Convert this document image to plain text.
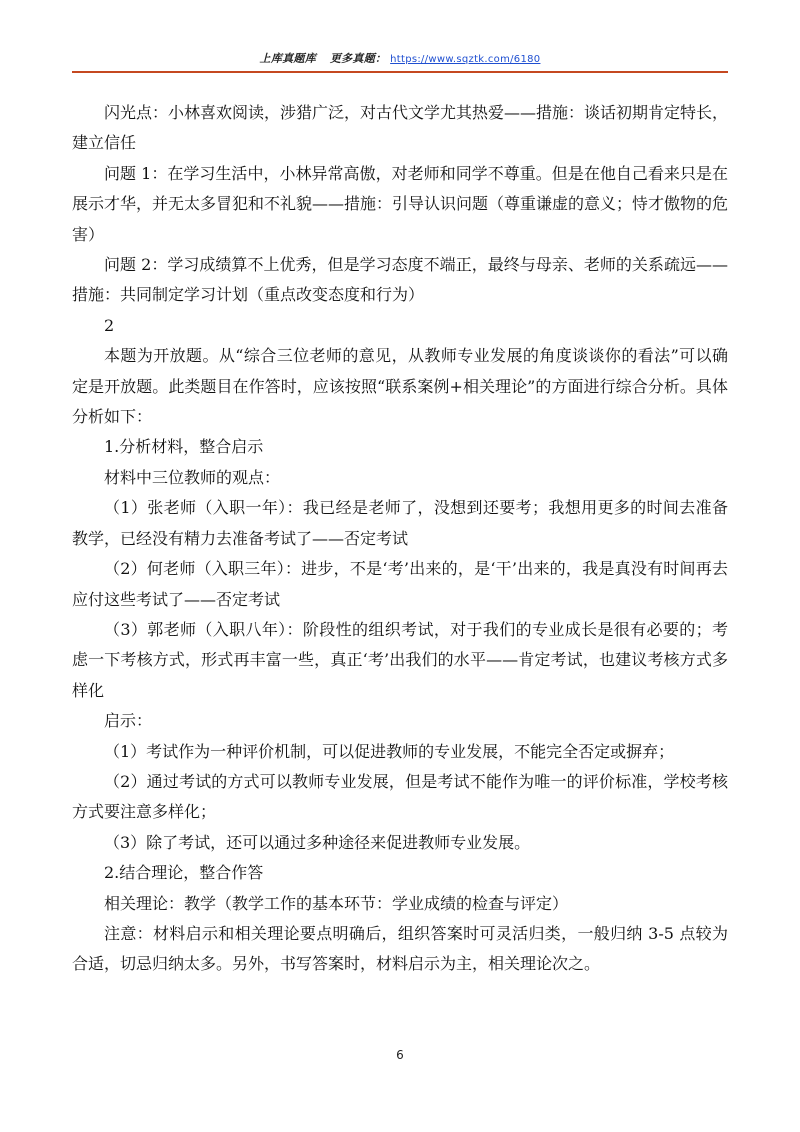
上库真题库 更多真题： https://www.sqztk.com/6180

闪光点：小林喜欢阅读，涉猎广泛，对古代文学尤其热爱——措施：谈话初期肯定特长，建立信任

问题 1：在学习生活中，小林异常高傲，对老师和同学不尊重。但是在他自己看来只是在展示才华，并无太多冒犯和不礼貌——措施：引导认识问题（尊重谦虚的意义；恃才傲物的危害）

问题 2：学习成绩算不上优秀，但是学习态度不端正，最终与母亲、老师的关系疏远——措施：共同制定学习计划（重点改变态度和行为）

2

本题为开放题。从“综合三位老师的意见，从教师专业发展的角度谈谈你的看法”可以确定是开放题。此类题目在作答时，应该按照“联系案例+相关理论”的方面进行综合分析。具体分析如下：

1.分析材料，整合启示

材料中三位教师的观点：

（1）张老师（入职一年）：我已经是老师了，没想到还要考；我想用更多的时间去准备教学，已经没有精力去准备考试了——否定考试

（2）何老师（入职三年）：进步，不是‘考’出来的，是‘干’出来的，我是真没有时间再去应付这些考试了——否定考试

（3）郭老师（入职八年）：阶段性的组织考试，对于我们的专业成长是很有必要的；考虑一下考核方式，形式再丰富一些，真正‘考’出我们的水平——肯定考试，也建议考核方式多样化

启示：

（1）考试作为一种评价机制，可以促进教师的专业发展，不能完全否定或摒弃；

（2）通过考试的方式可以教师专业发展，但是考试不能作为唯一的评价标准，学校考核方式要注意多样化；

（3）除了考试，还可以通过多种途径来促进教师专业发展。

2.结合理论，整合作答

相关理论：教学（教学工作的基本环节：学业成绩的检查与评定）

注意：材料启示和相关理论要点明确后，组织答案时可灵活归类，一般归纳 3-5 点较为合适，切忌归纳太多。另外，书写答案时，材料启示为主，相关理论次之。

6
